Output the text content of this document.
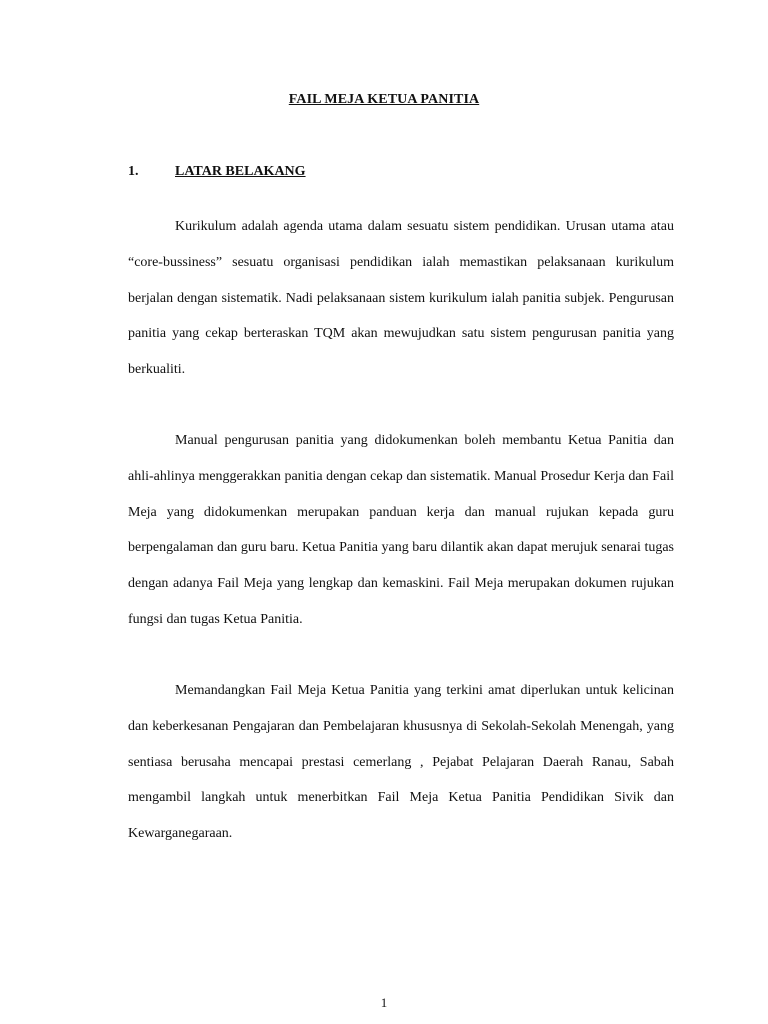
FAIL MEJA KETUA PANITIA
1.	LATAR BELAKANG

Kurikulum adalah agenda utama dalam sesuatu sistem pendidikan. Urusan utama atau “core-bussiness” sesuatu organisasi pendidikan ialah memastikan pelaksanaan kurikulum berjalan dengan sistematik. Nadi pelaksanaan sistem kurikulum ialah panitia subjek. Pengurusan panitia yang cekap berteraskan TQM akan mewujudkan satu sistem pengurusan panitia yang berkualiti.

Manual pengurusan panitia yang didokumenkan boleh membantu Ketua Panitia dan ahli-ahlinya menggerakkan panitia dengan cekap dan sistematik. Manual Prosedur Kerja dan Fail Meja yang didokumenkan merupakan panduan kerja dan manual rujukan kepada guru berpengalaman dan guru baru. Ketua Panitia yang baru dilantik akan dapat merujuk senarai tugas dengan adanya Fail Meja yang lengkap dan kemaskini. Fail Meja merupakan dokumen rujukan fungsi dan tugas Ketua Panitia.

Memandangkan Fail Meja Ketua Panitia yang terkini amat diperlukan untuk kelicinan dan keberkesanan Pengajaran dan Pembelajaran khususnya di Sekolah-Sekolah Menengah, yang sentiasa berusaha mencapai prestasi cemerlang , Pejabat Pelajaran Daerah Ranau, Sabah mengambil langkah untuk menerbitkan Fail Meja Ketua Panitia Pendidikan Sivik dan Kewarganegaraan.

1
